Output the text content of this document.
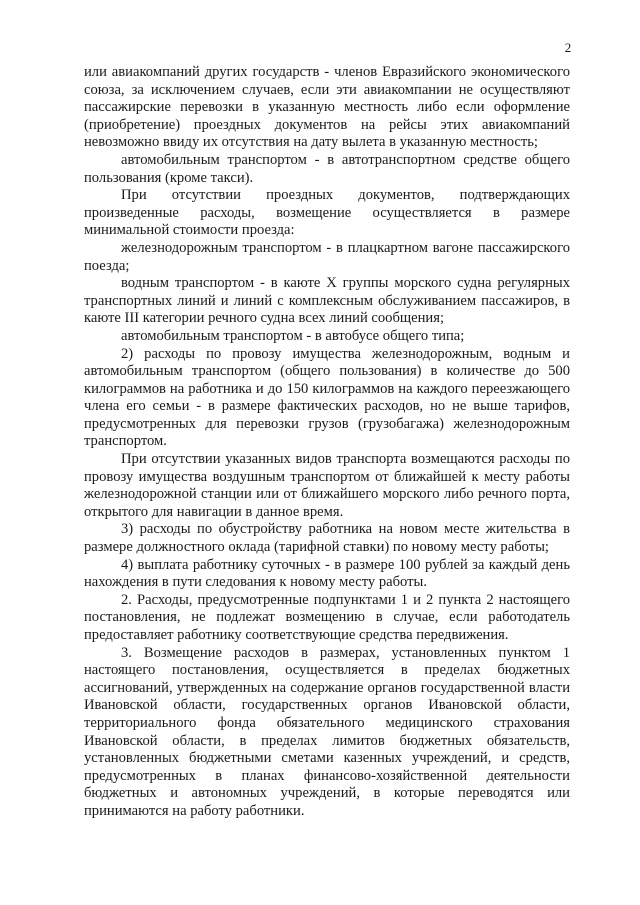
2

или авиакомпаний других государств - членов Евразийского экономического союза, за исключением случаев, если эти авиакомпании не осуществляют пассажирские перевозки в указанную местность либо если оформление (приобретение) проездных документов на рейсы этих авиакомпаний невозможно ввиду их отсутствия на дату вылета в указанную местность;

автомобильным транспортом - в автотранспортном средстве общего пользования (кроме такси).

При отсутствии проездных документов, подтверждающих произведенные расходы, возмещение осуществляется в размере минимальной стоимости проезда:

железнодорожным транспортом - в плацкартном вагоне пассажирского поезда;

водным транспортом - в каюте X группы морского судна регулярных транспортных линий и линий с комплексным обслуживанием пассажиров, в каюте III категории речного судна всех линий сообщения;

автомобильным транспортом - в автобусе общего типа;

2) расходы по провозу имущества железнодорожным, водным и автомобильным транспортом (общего пользования) в количестве до 500 килограммов на работника и до 150 килограммов на каждого переезжающего члена его семьи - в размере фактических расходов, но не выше тарифов, предусмотренных для перевозки грузов (грузобагажа) железнодорожным транспортом.

При отсутствии указанных видов транспорта возмещаются расходы по провозу имущества воздушным транспортом от ближайшей к месту работы железнодорожной станции или от ближайшего морского либо речного порта, открытого для навигации в данное время.

3) расходы по обустройству работника на новом месте жительства в размере должностного оклада (тарифной ставки) по новому месту работы;

4) выплата работнику суточных - в размере 100 рублей за каждый день нахождения в пути следования к новому месту работы.

2. Расходы, предусмотренные подпунктами 1 и 2 пункта 2 настоящего постановления, не подлежат возмещению в случае, если работодатель предоставляет работнику соответствующие средства передвижения.

3. Возмещение расходов в размерах, установленных пунктом 1 настоящего постановления, осуществляется в пределах бюджетных ассигнований, утвержденных на содержание органов государственной власти Ивановской области, государственных органов Ивановской области, территориального фонда обязательного медицинского страхования Ивановской области, в пределах лимитов бюджетных обязательств, установленных бюджетными сметами казенных учреждений, и средств, предусмотренных в планах финансово-хозяйственной деятельности бюджетных и автономных учреждений, в которые переводятся или принимаются на работу работники.
